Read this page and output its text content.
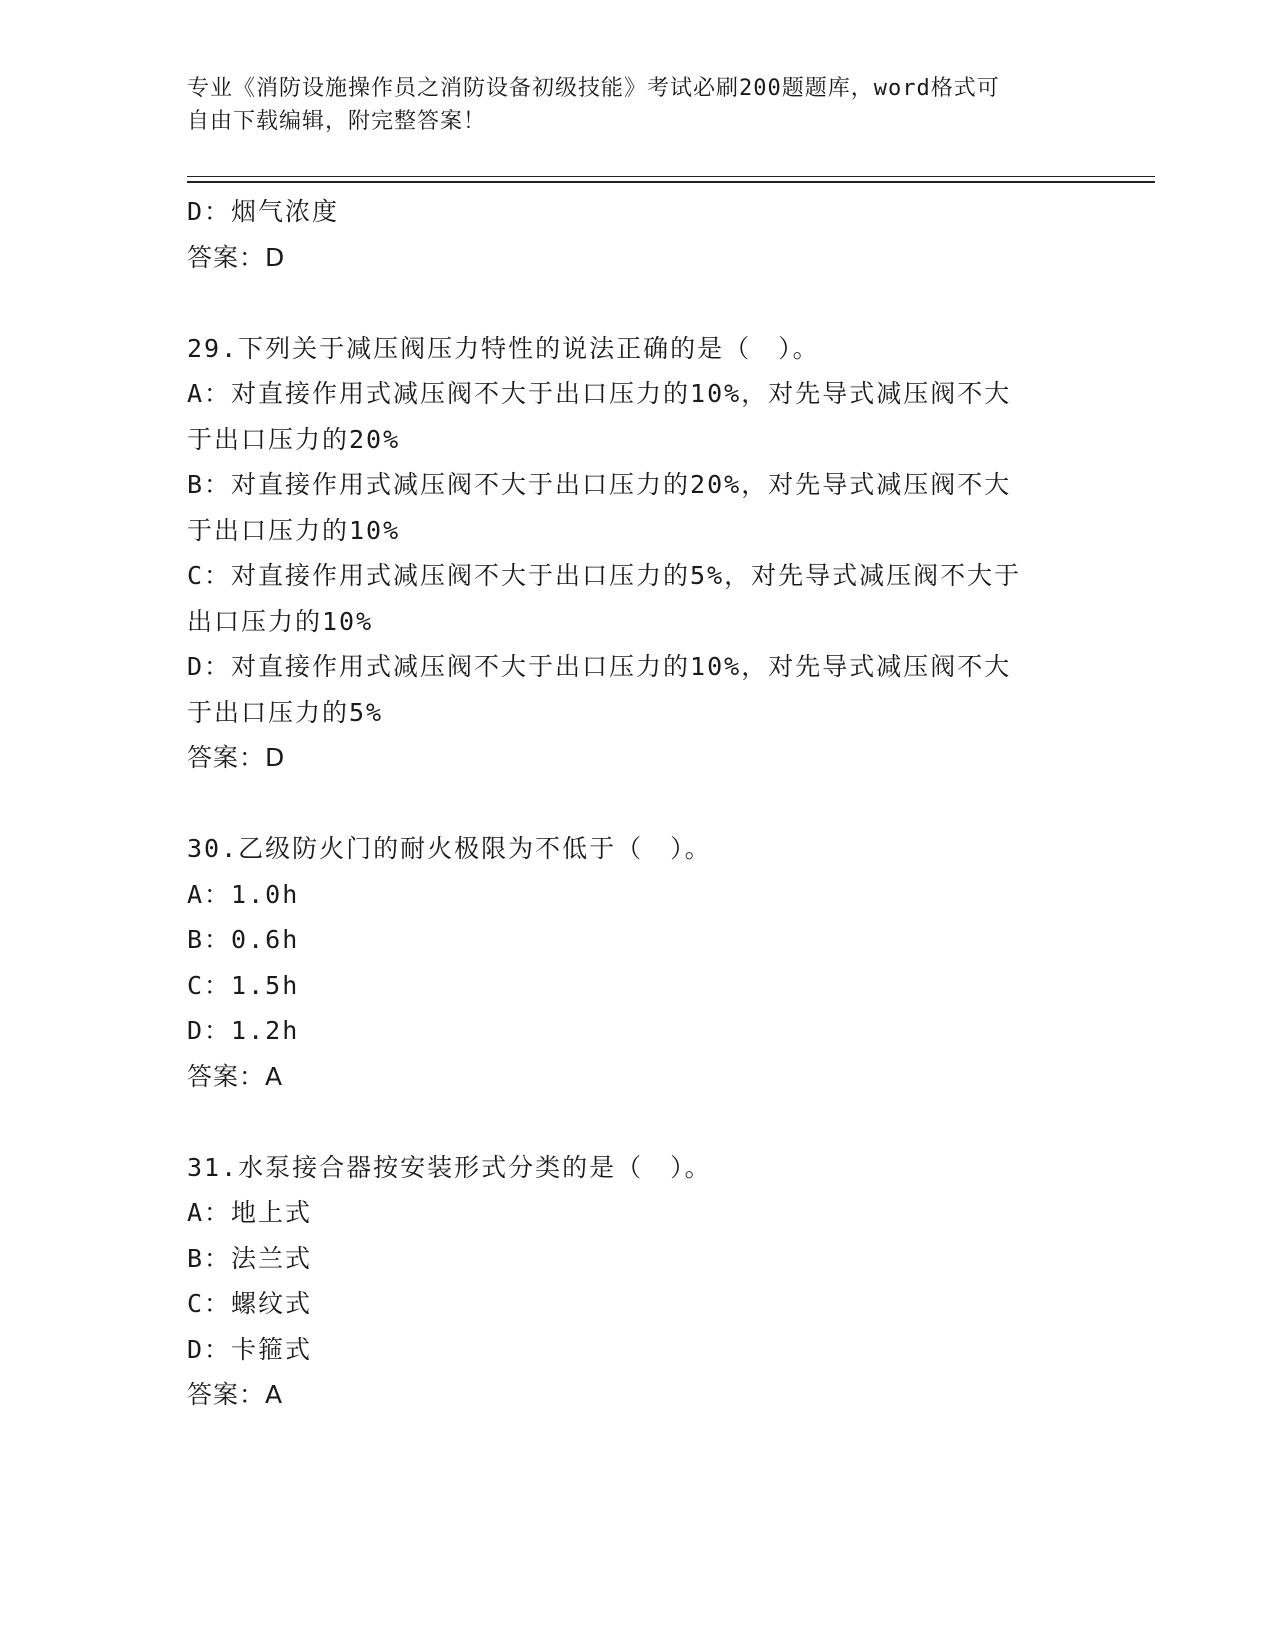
专业《消防设施操作员之消防设备初级技能》考试必刷200题题库，word格式可
自由下载编辑，附完整答案！
D：烟气浓度
答案：D
29.下列关于减压阀压力特性的说法正确的是（　）。
A：对直接作用式减压阀不大于出口压力的10%，对先导式减压阀不大
于出口压力的20%
B：对直接作用式减压阀不大于出口压力的20%，对先导式减压阀不大
于出口压力的10%
C：对直接作用式减压阀不大于出口压力的5%，对先导式减压阀不大于
出口压力的10%
D：对直接作用式减压阀不大于出口压力的10%，对先导式减压阀不大
于出口压力的5%
答案：D
30.乙级防火门的耐火极限为不低于（　）。
A：1.0h
B：0.6h
C：1.5h
D：1.2h
答案：A
31.水泵接合器按安装形式分类的是（　）。
A：地上式
B：法兰式
C：螺纹式
D：卡箍式
答案：A
